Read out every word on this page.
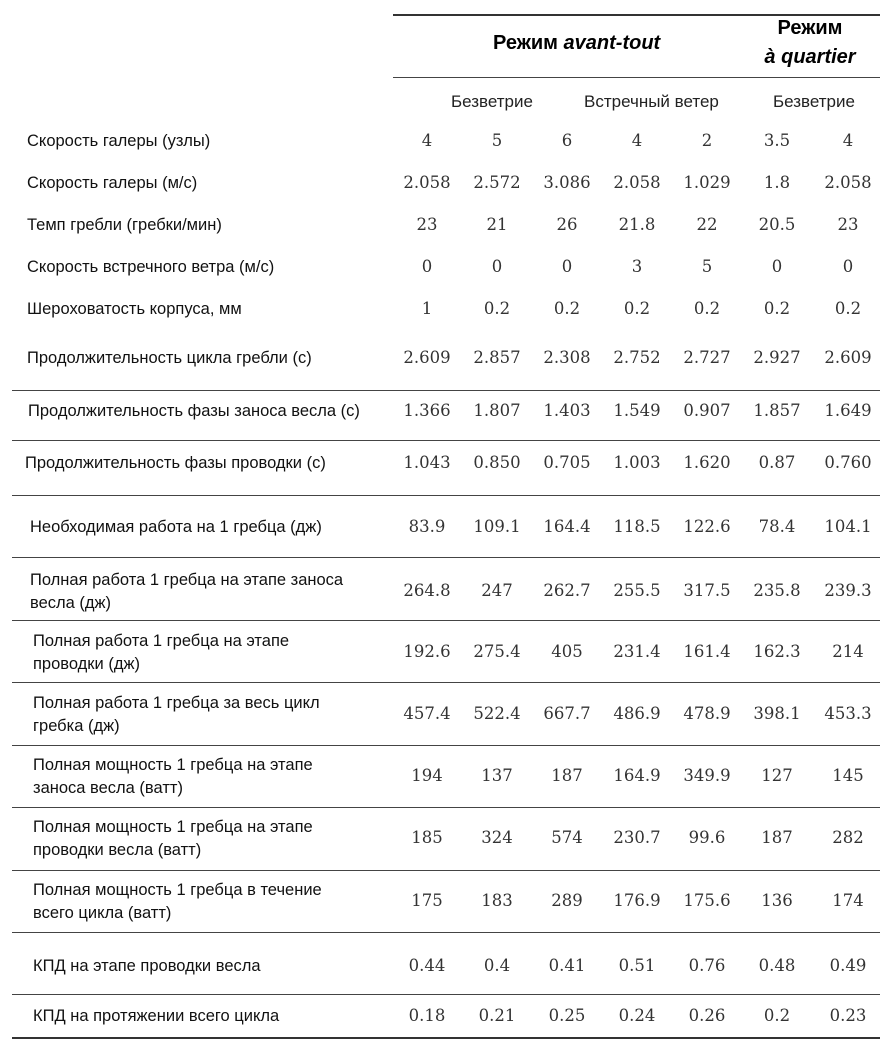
Режим avant-tout
Режим
à quartier
Безветрие	Встречный ветер	Безветрие
Скорость галеры (узлы)	4	5	6	4	2	3.5	4
Скорость галеры (м/с)	2.058 2.572 3.086 2.058 1.029 1.8 2.058
Темп гребли (гребки/мин)	23	21	26 21.8 22 20.5	23
Скорость встречного ветра (м/с)	0	0	0	3	5	0	0
Шероховатость корпуса, мм	1	0.2	0.2	0.2	0.2	0.2	0.2
Продолжительность цикла гребли (с)	2.609 2.857 2.308 2.752 2.727 2.927 2.609
Продолжительность фазы заноса весла (с)	1.366 1.807 1.403 1.549 0.907 1.857 1.649
Продолжительность фазы проводки (с)	1.043 0.850 0.705 1.003 1.620 0.87 0.760
Необходимая работа на 1 гребца (дж)	83.9 109.1 164.4 118.5 122.6 78.4 104.1
Полная работа 1 гребца на этапе заноса
весла (дж)
264.8 247 262.7 255.5 317.5 235.8 239.3
Полная работа 1 гребца на этапе
проводки (дж)
192.6 275.4 405 231.4 161.4 162.3 214
Полная работа 1 гребца за весь цикл
гребка (дж)
457.4 522.4 667.7 486.9 478.9 398.1 453.3
Полная мощность 1 гребца на этапе
заноса весла (ватт)
194 137 187 164.9 349.9 127 145
Полная мощность 1 гребца на этапе
проводки весла (ватт)
185 324 574 230.7 99.6 187 282
Полная мощность 1 гребца в течение
всего цикла (ватт)
175 183 289 176.9 175.6 136 174
КПД на этапе проводки весла	0.44 0.4 0.41 0.51 0.76 0.48 0.49
КПД на протяжении всего цикла	0.18 0.21 0.25 0.24 0.26 0.2 0.23
